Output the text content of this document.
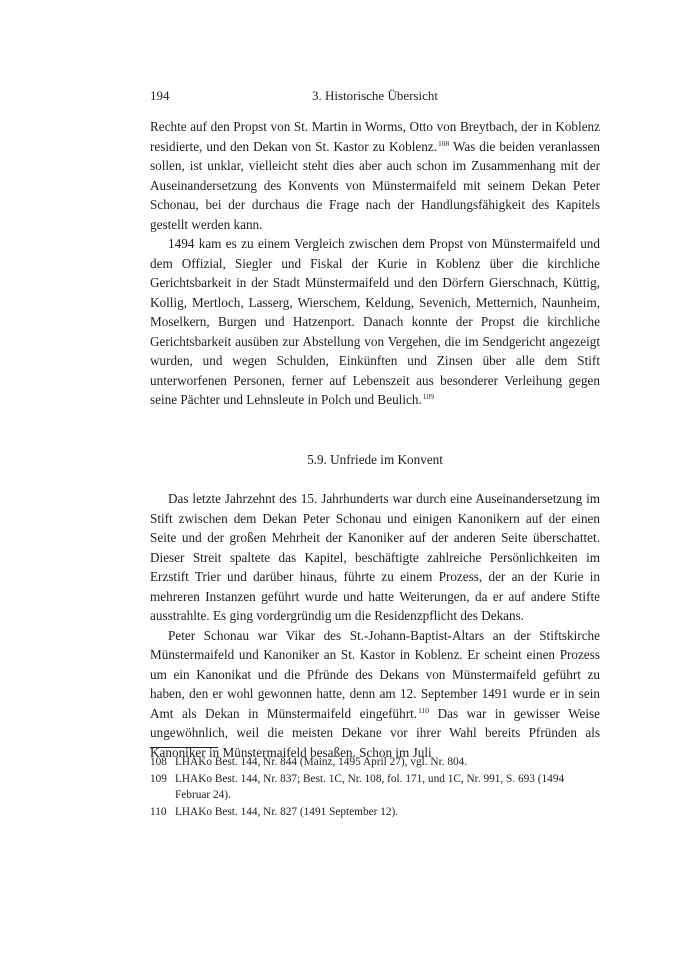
194	3. Historische Übersicht

Rechte auf den Propst von St. Martin in Worms, Otto von Breytbach, der in Koblenz residierte, und den Dekan von St. Kastor zu Koblenz.$^{108}$ Was die beiden veranlassen sollen, ist unklar, vielleicht steht dies aber auch schon im Zusammenhang mit der Auseinandersetzung des Konvents von Münstermaifeld mit seinem Dekan Peter Schonau, bei der durchaus die Frage nach der Handlungsfähigkeit des Kapitels gestellt werden kann.

1494 kam es zu einem Vergleich zwischen dem Propst von Münstermaifeld und dem Offizial, Siegler und Fiskal der Kurie in Koblenz über die kirchliche Gerichtsbarkeit in der Stadt Münstermaifeld und den Dörfern Gierschnach, Küttig, Kollig, Mertloch, Lasserg, Wierschem, Keldung, Sevenich, Metternich, Naunheim, Moselkern, Burgen und Hatzenport. Danach konnte der Propst die kirchliche Gerichtsbarkeit ausüben zur Abstellung von Vergehen, die im Sendgericht angezeigt wurden, und wegen Schulden, Einkünften und Zinsen über alle dem Stift unterworfenen Personen, ferner auf Lebenszeit aus besonderer Verleihung gegen seine Pächter und Lehnsleute in Polch und Beulich.$^{109}$

5.9. Unfriede im Konvent

Das letzte Jahrzehnt des 15. Jahrhunderts war durch eine Auseinandersetzung im Stift zwischen dem Dekan Peter Schonau und einigen Kanonikern auf der einen Seite und der großen Mehrheit der Kanoniker auf der anderen Seite überschattet. Dieser Streit spaltete das Kapitel, beschäftigte zahlreiche Persönlichkeiten im Erzstift Trier und darüber hinaus, führte zu einem Prozess, der an der Kurie in mehreren Instanzen geführt wurde und hatte Weiterungen, da er auf andere Stifte ausstrahlte. Es ging vordergründig um die Residenzpflicht des Dekans.

Peter Schonau war Vikar des St.-Johann-Baptist-Altars an der Stiftskirche Münstermaifeld und Kanoniker an St. Kastor in Koblenz. Er scheint einen Prozess um ein Kanonikat und die Pfründe des Dekans von Münstermaifeld geführt zu haben, den er wohl gewonnen hatte, denn am 12. September 1491 wurde er in sein Amt als Dekan in Münstermaifeld eingeführt.$^{110}$ Das war in gewisser Weise ungewöhnlich, weil die meisten Dekane vor ihrer Wahl bereits Pfründen als Kanoniker in Münstermaifeld besaßen. Schon im Juli

108 LHAKo Best. 144, Nr. 844 (Mainz, 1495 April 27), vgl. Nr. 804.
109 LHAKo Best. 144, Nr. 837; Best. 1C, Nr. 108, fol. 171, und 1C, Nr. 991, S. 693 (1494 Februar 24).
110 LHAKo Best. 144, Nr. 827 (1491 September 12).
